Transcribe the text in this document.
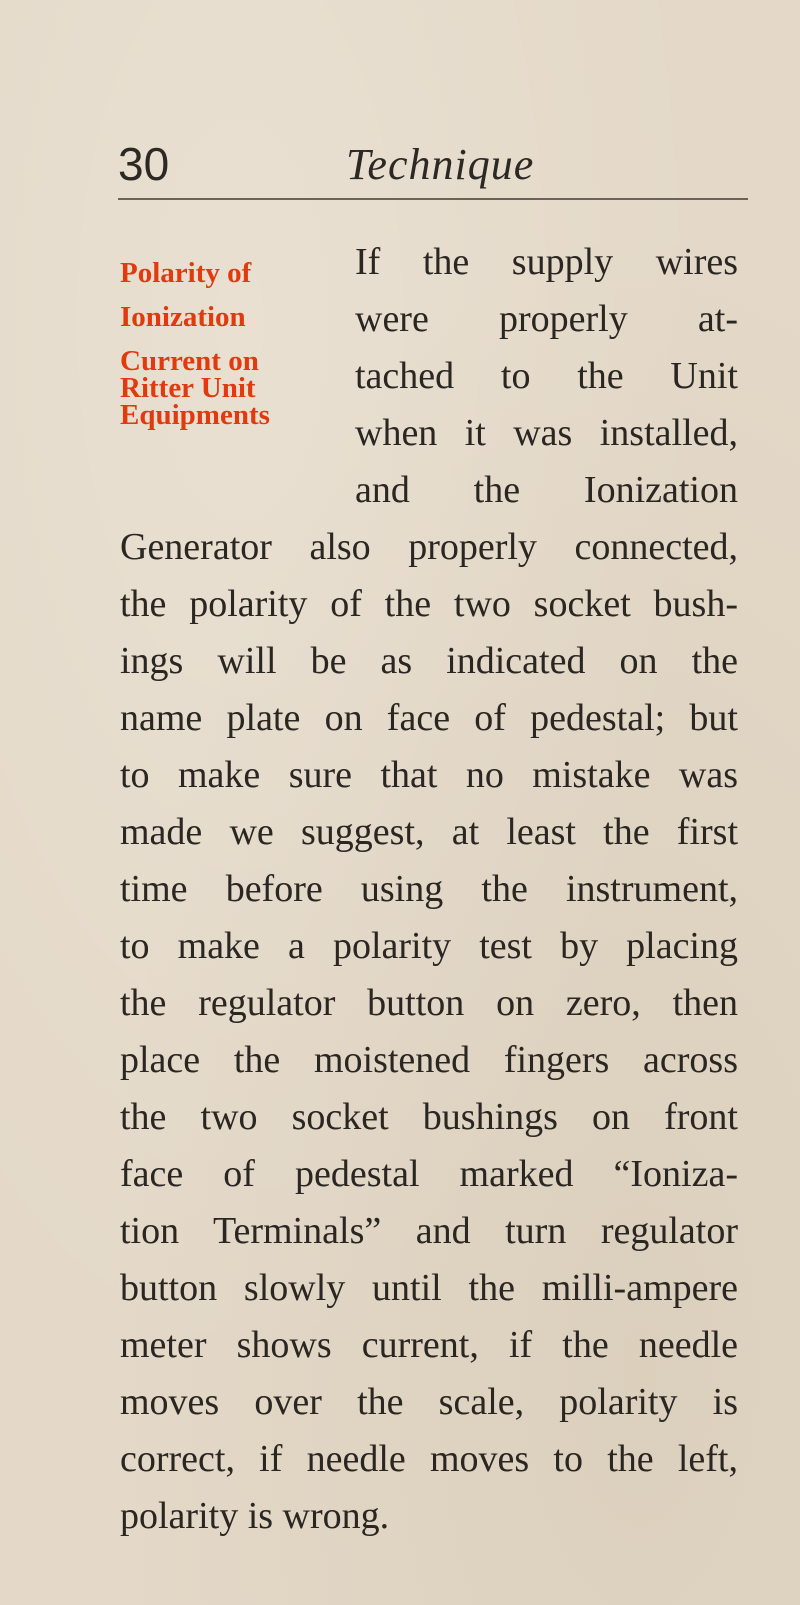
30	Technique
Polarity of
Ionization
Current on
Ritter Unit
Equipments
If the supply wires
were properly at-
tached to the Unit
when it was installed,
and the Ionization
Generator also properly connected,
the polarity of the two socket bush-
ings will be as indicated on the
name plate on face of pedestal; but
to make sure that no mistake was
made we suggest, at least the first
time before using the instrument,
to make a polarity test by placing
the regulator button on zero, then
place the moistened fingers across
the two socket bushings on front
face of pedestal marked “Ioniza-
tion Terminals” and turn regulator
button slowly until the milli-ampere
meter shows current, if the needle
moves over the scale, polarity is
correct, if needle moves to the left,
polarity is wrong.
